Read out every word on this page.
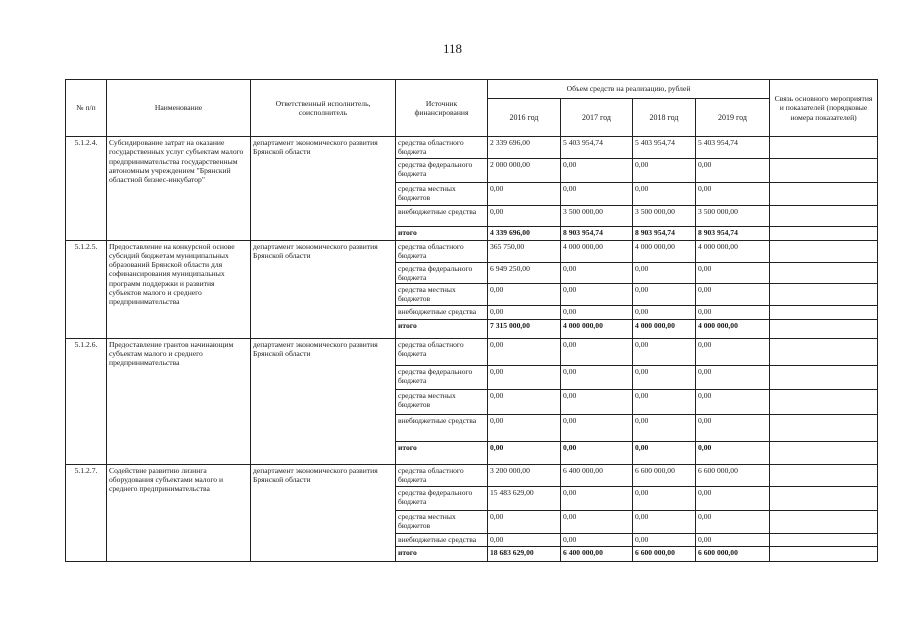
118
№ п/п	Наименование	Ответственный исполнитель, соисполнитель	Источник финансирования	Объем средств на реализацию, рублей				Связь основного мероприятия и показателей (порядковые номера показателей)
				2016 год	2017 год	2018 год	2019 год	
5.1.2.4.	Субсидирование затрат на оказание государственных услуг субъектам малого предпринимательства государственным автономным учреждением "Брянский областной бизнес-инкубатор"	департамент экономического развития Брянской области	средства областного бюджета	2 339 696,00	5 403 954,74	5 403 954,74	5 403 954,74	
			средства федерального бюджета	2 000 000,00	0,00	0,00	0,00	
			средства местных бюджетов	0,00	0,00	0,00	0,00	
			внебюджетные средства	0,00	3 500 000,00	3 500 000,00	3 500 000,00	
			итого	4 339 696,00	8 903 954,74	8 903 954,74	8 903 954,74	
5.1.2.5.	Предоставление на конкурсной основе субсидий бюджетам муниципальных образований Брянской области для софинансирования муниципальных программ поддержки и развития субъектов малого и среднего предпринимательства	департамент экономического развития Брянской области	средства областного бюджета	365 750,00	4 000 000,00	4 000 000,00	4 000 000,00	
			средства федерального бюджета	6 949 250,00	0,00	0,00	0,00	
			средства местных бюджетов	0,00	0,00	0,00	0,00	
			внебюджетные средства	0,00	0,00	0,00	0,00	
			итого	7 315 000,00	4 000 000,00	4 000 000,00	4 000 000,00	
5.1.2.6.	Предоставление грантов начинающим субъектам малого и среднего предпринимательства	департамент экономического развития Брянской области	средства областного бюджета	0,00	0,00	0,00	0,00	
			средства федерального бюджета	0,00	0,00	0,00	0,00	
			средства местных бюджетов	0,00	0,00	0,00	0,00	
			внебюджетные средства	0,00	0,00	0,00	0,00	
			итого	0,00	0,00	0,00	0,00	
5.1.2.7.	Содействие развитию лизинга оборудования субъектами малого и среднего предпринимательства	департамент экономического развития Брянской области	средства областного бюджета	3 200 000,00	6 400 000,00	6 600 000,00	6 600 000,00	
			средства федерального бюджета	15 483 629,00	0,00	0,00	0,00	
			средства местных бюджетов	0,00	0,00	0,00	0,00	
			внебюджетные средства	0,00	0,00	0,00	0,00	
			итого	18 683 629,00	6 400 000,00	6 600 000,00	6 600 000,00	
